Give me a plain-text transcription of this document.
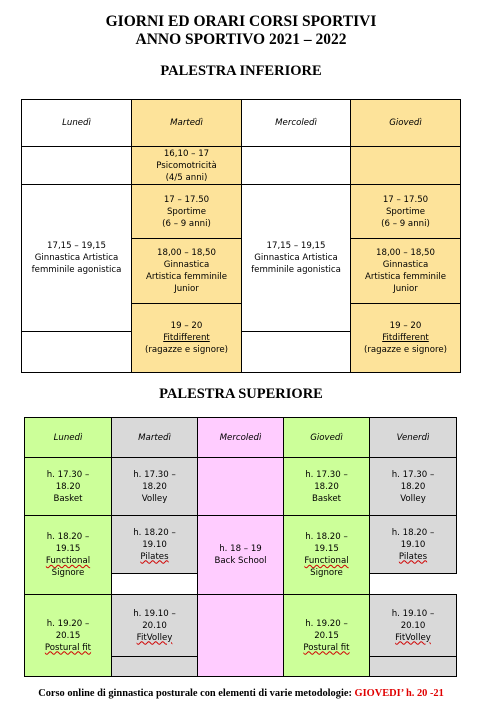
GIORNI ED ORARI CORSI SPORTIVI
ANNO SPORTIVO 2021 – 2022
PALESTRA INFERIORE
Lunedì	Martedì	Mercoledì	Giovedì

	16,10 – 17
Psicomotricità
(4/5 anni)		

17,15 – 19,15
Ginnastica Artistica
femminile agonistica	17 – 17.50
Sportime
(6 – 9 anni)	17,15 – 19,15
Ginnastica Artistica
femminile agonistica	17 – 17.50
Sportime
(6 – 9 anni)

	18,00 – 18,50
Ginnastica
Artistica femminile
Junior		18,00 – 18,50
Ginnastica
Artistica femminile
Junior

	19 – 20
Fitdifferent
(ragazze e signore)		19 – 20
Fitdifferent
(ragazze e signore)

PALESTRA SUPERIORE
Lunedì	Martedì	Mercoledì	Giovedì	Venerdì

h. 17.30 –
18.20
Basket	h. 17.30 –
18.20
Volley		h. 17.30 –
18.20
Basket	h. 17.30 –
18.20
Volley

h. 18.20 –
19.15
Functional
Signore	h. 18.20 –
19.10
Pilates	h. 18 – 19
Back School	h. 18.20 –
19.15
Functional
Signore	h. 18.20 –
19.10
Pilates

h. 19.20 –
20.15
Postural fit	h. 19.10 –
20.10
FitVolley		h. 19.20 –
20.15
Postural fit	h. 19.10 –
20.10
FitVolley

Corso online di ginnastica posturale con elementi di varie metodologie: GIOVEDI’ h. 20 -21
